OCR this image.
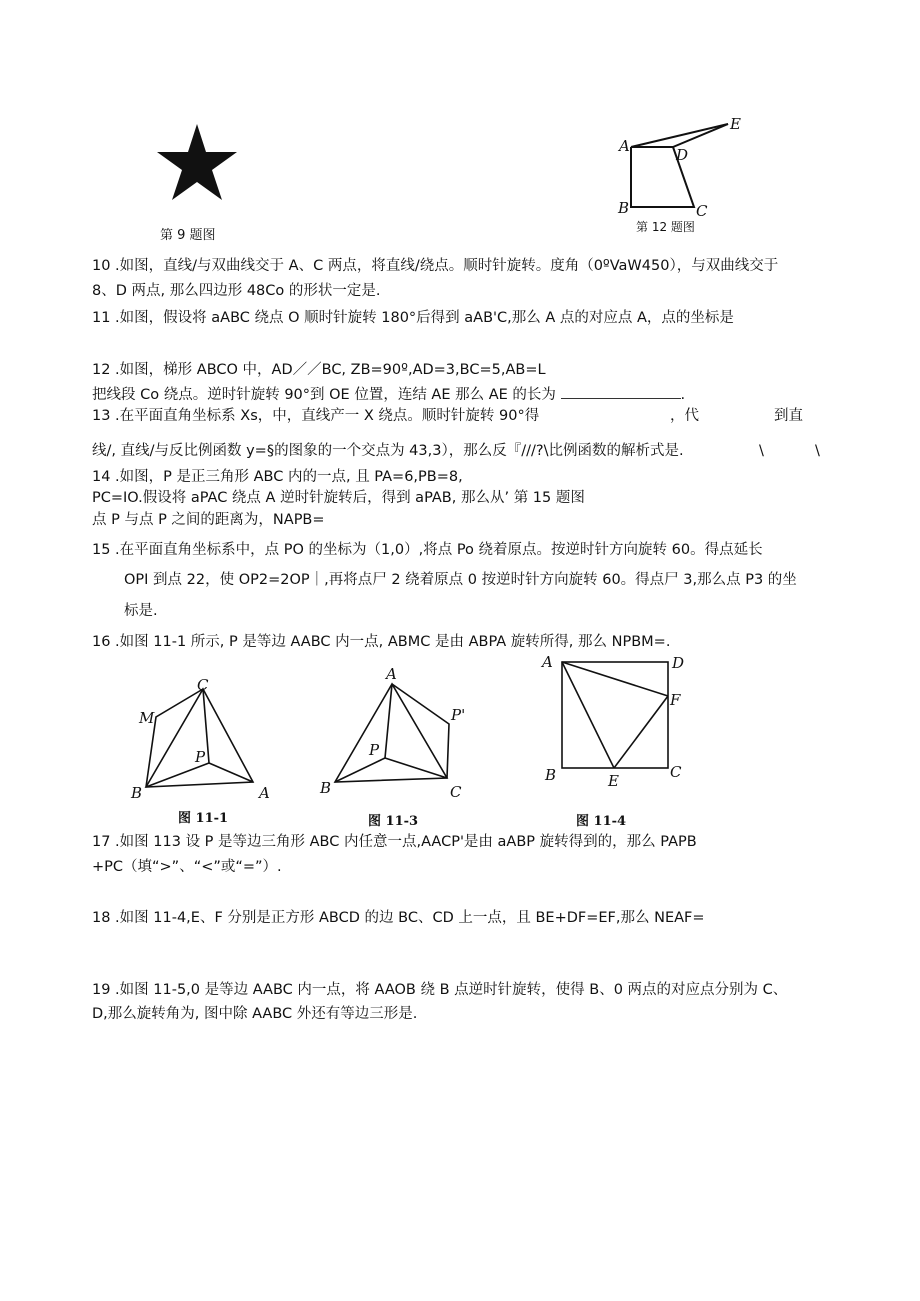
第 9 题图
A
B	C
D
E
第 12 题图
10 .如图，直线/与双曲线交于 A、C 两点，将直线/绕点。顺时针旋转。度角（0ºVaW450），与双曲线交于
8、D 两点, 那么四边形 48Co 的形状一定是.
11 .如图，假设将 aABC 绕点 O 顺时针旋转 180°后得到 aAB'C,那么 A 点的对应点 A，点的坐标是
12 .如图，梯形 ABCO 中，AD／／BC, ZB=90º,AD=3,BC=5,AB=L
把线段 Co 绕点。逆时针旋转 90°到 OE 位置，连结 AE 那么 AE 的长为	.
13 .在平面直角坐标系 Xs，中，直线产一 X 绕点。顺时针旋转 90°得	，代	到直
线/, 直线/与反比例函数 y=§的图象的一个交点为 43,3），那么反『///?\比例函数的解析式是.	\	\
14 .如图，P 是正三角形 ABC 内的一点, 且 PA=6,PB=8,
PC=IO.假设将 aPAC 绕点 A 逆时针旋转后，得到 aPAB, 那么从’ 第 15 题图
点 P 与点 P 之间的距离为，NAPB=
15 .在平面直角坐标系中，点 PO 的坐标为（1,0）,将点 Po 绕着原点。按逆时针方向旋转 60。得点延长
OPI 到点 22，使 OP2=2OP｜,再将点尸 2 绕着原点 0 按逆时针方向旋转 60。得点尸 3,那么点 P3 的坐
标是.
16 .如图 11-1 所示, P 是等边 AABC 内一点, ABMC 是由 ABPA 旋转所得, 那么 NPBM=.
M
C
P
B	A
图 11-1
A
P'
P
B	C
图 11-3
A	D
F
B	E	C
图 11-4
17 .如图 113 设 P 是等边三角形 ABC 内任意一点,AACP'是由 aABP 旋转得到的，那么 PAPB
+PC（填“>”、“<”或“=”）.
18 .如图 11-4,E、F 分别是正方形 ABCD 的边 BC、CD 上一点，且 BE+DF=EF,那么 NEAF=
19 .如图 11-5,0 是等边 AABC 内一点，将 AAOB 绕 B 点逆时针旋转，使得 B、0 两点的对应点分别为 C、
D,那么旋转角为, 图中除 AABC 外还有等边三形是.
